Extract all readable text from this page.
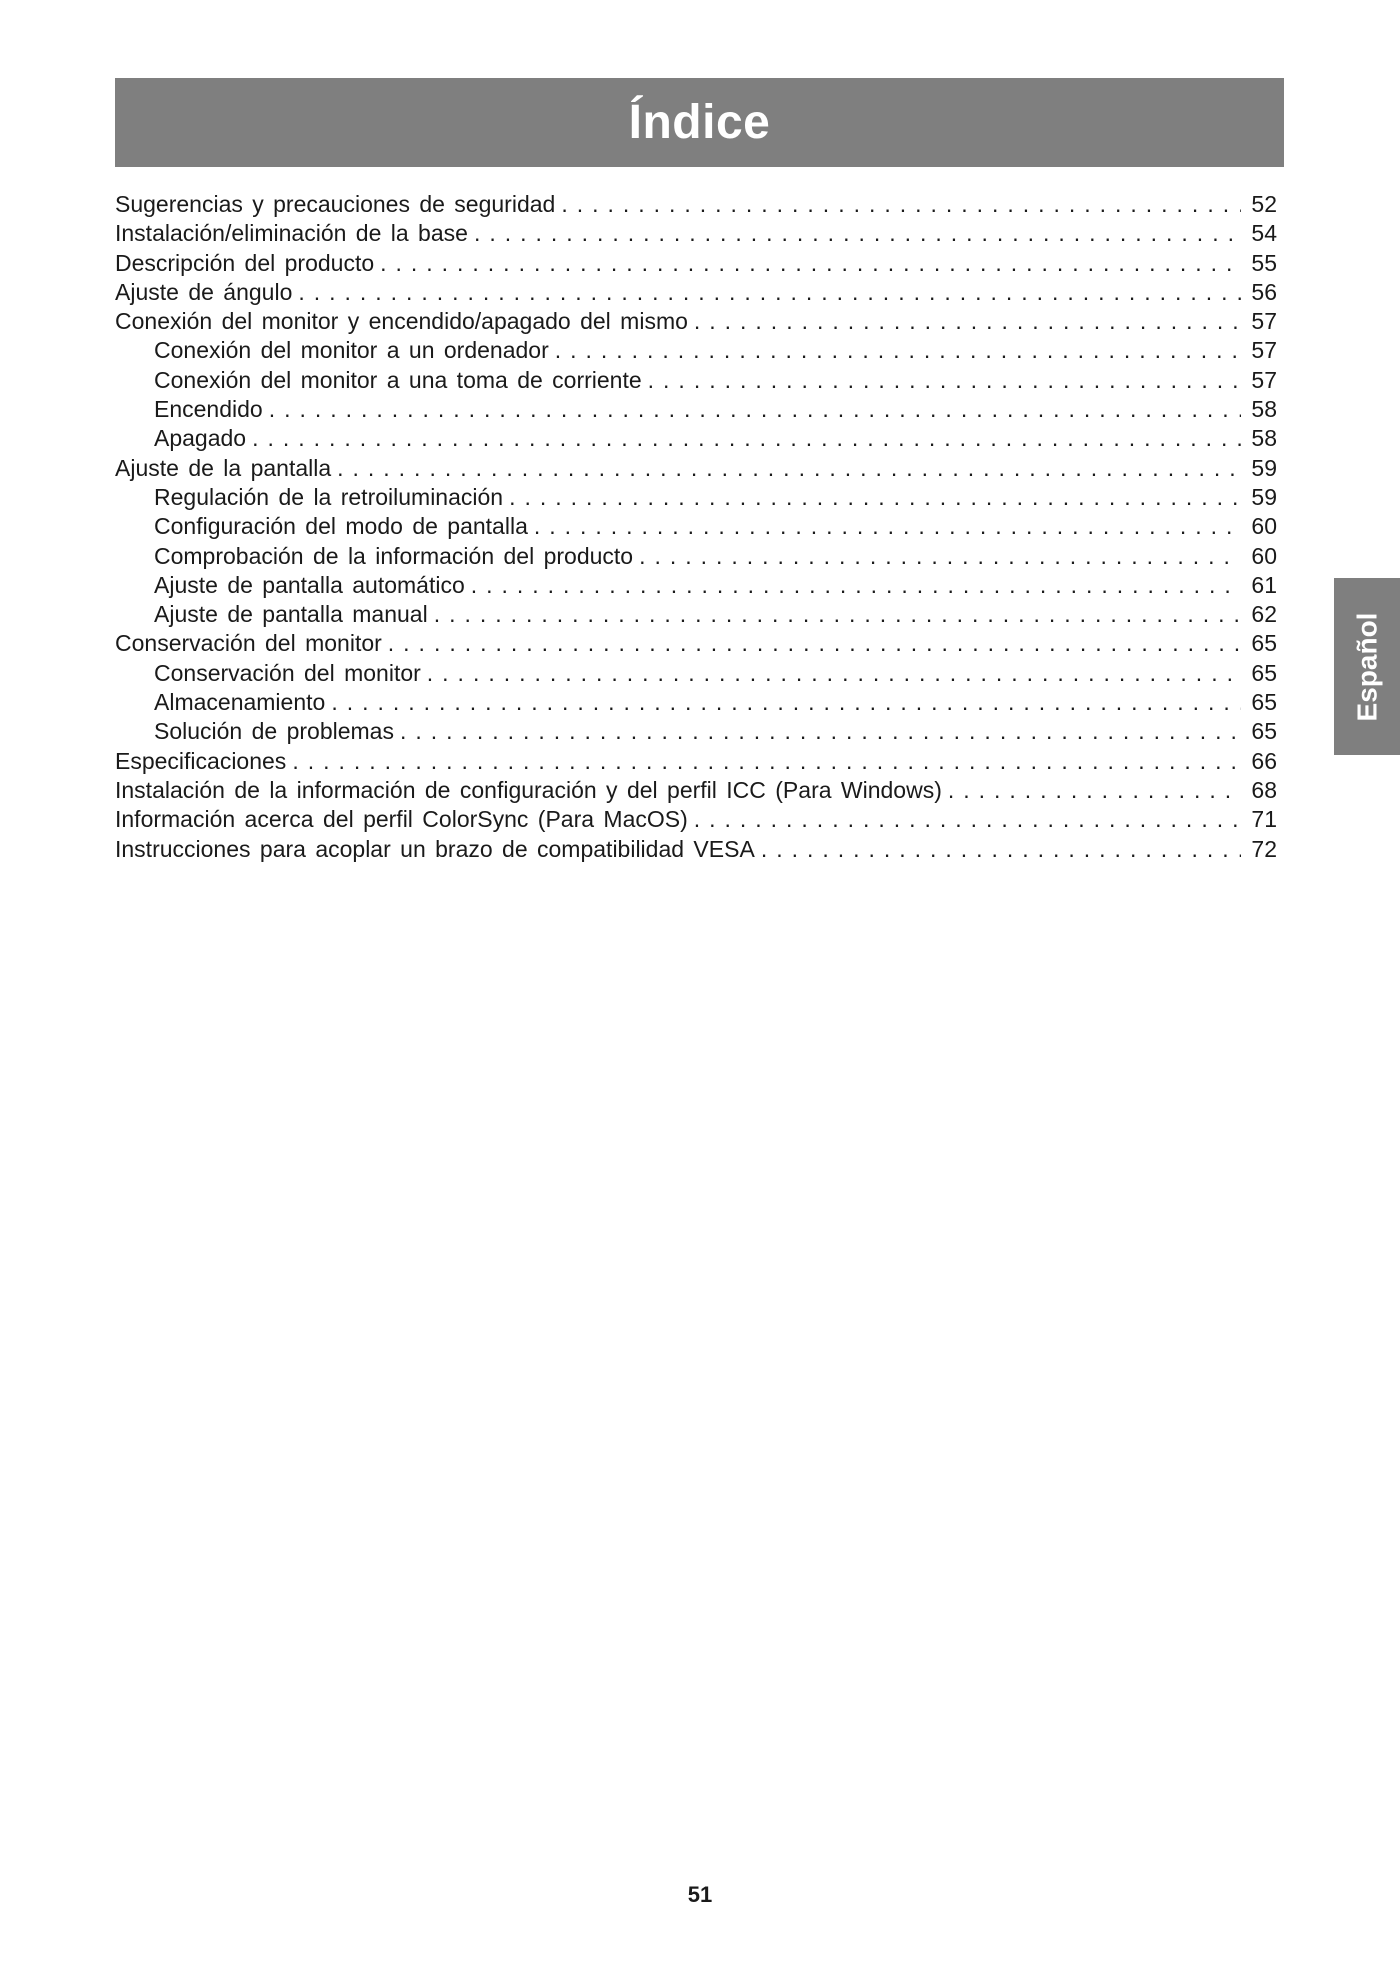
Índice
Sugerencias y precauciones de seguridad . . .	52
Instalación/eliminación de la base . . .	54
Descripción del producto . . .	55
Ajuste de ángulo . . .	56
Conexión del monitor y encendido/apagado del mismo . . .	57
Conexión del monitor a un ordenador . . .	57
Conexión del monitor a una toma de corriente . . .	57
Encendido . . .	58
Apagado . . .	58
Ajuste de la pantalla . . .	59
Regulación de la retroiluminación . . .	59
Configuración del modo de pantalla . . .	60
Comprobación de la información del producto . . .	60
Ajuste de pantalla automático . . .	61
Ajuste de pantalla manual . . .	62
Conservación del monitor . . .	65
Conservación del monitor . . .	65
Almacenamiento . . .	65
Solución de problemas . . .	65
Especificaciones . . .	66
Instalación de la información de configuración y del perfil ICC (Para Windows) . . .	68
Información acerca del perfil ColorSync (Para MacOS) . . .	71
Instrucciones para acoplar un brazo de compatibilidad VESA . . .	72
Español
51
